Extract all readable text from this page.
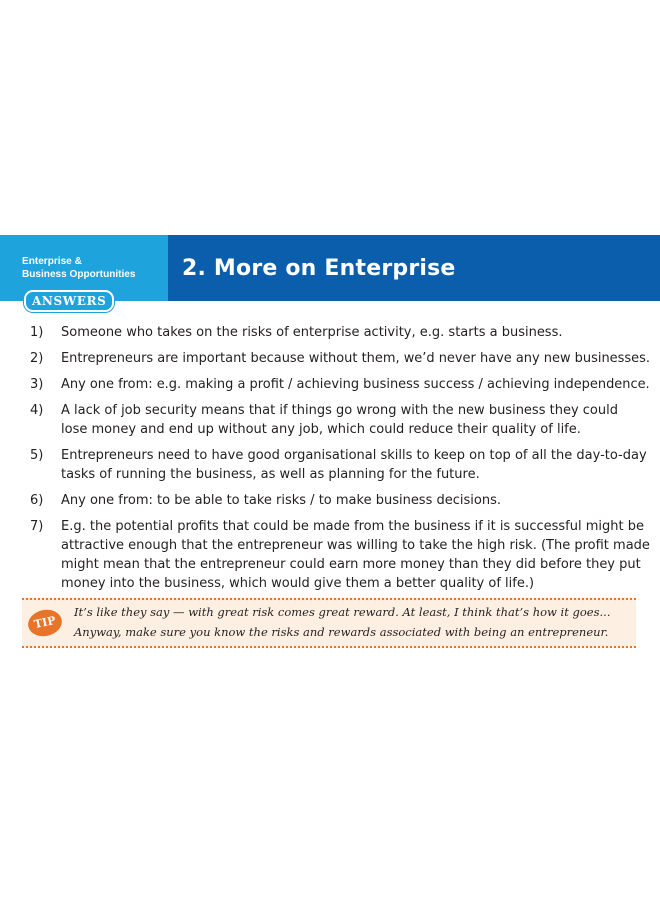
Enterprise &
Business Opportunities	2. More on Enterprise
ANSWERS
1) Someone who takes on the risks of enterprise activity, e.g. starts a business.
2) Entrepreneurs are important because without them, we’d never have any new businesses.
3) Any one from: e.g. making a profit / achieving business success / achieving independence.
4) A lack of job security means that if things go wrong with the new business they could
lose money and end up without any job, which could reduce their quality of life.
5) Entrepreneurs need to have good organisational skills to keep on top of all the day-to-day
tasks of running the business, as well as planning for the future.
6) Any one from: to be able to take risks / to make business decisions.
7) E.g. the potential profits that could be made from the business if it is successful might be
attractive enough that the entrepreneur was willing to take the high risk. (The profit made
might mean that the entrepreneur could earn more money than they did before they put
money into the business, which would give them a better quality of life.)
TIP
It’s like they say — with great risk comes great reward. At least, I think that’s how it goes...
Anyway, make sure you know the risks and rewards associated with being an entrepreneur.
